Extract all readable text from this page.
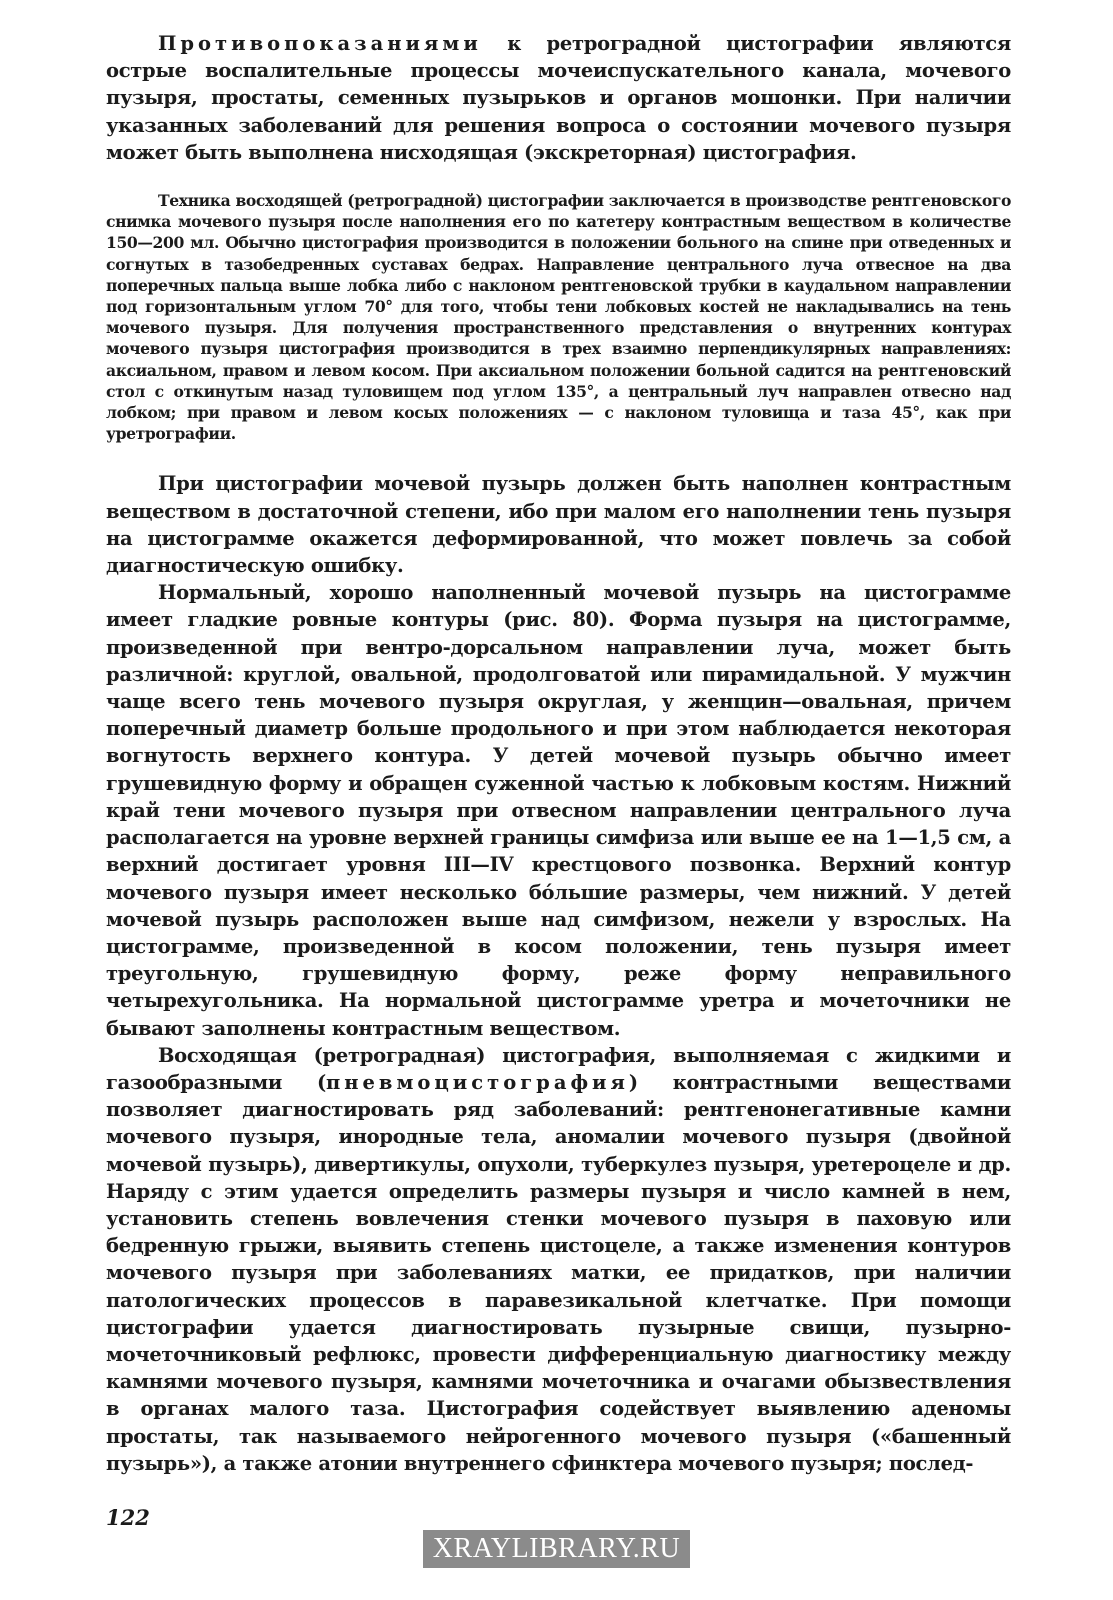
Противопоказаниями к ретроградной цистографии являются острые воспалительные процессы мочеиспускательного канала, мочевого пузыря, простаты, семенных пузырьков и органов мошонки. При наличии указанных заболеваний для решения вопроса о состоянии мочевого пузыря может быть выполнена нисходящая (экскреторная) цистография.

Техника восходящей (ретроградной) цистографии заключается в производстве рентгеновского снимка мочевого пузыря после наполнения его по катетеру контрастным веществом в количестве 150—200 мл. Обычно цистография производится в положении больного на спине при отведенных и согнутых в тазобедренных суставах бедрах. Направление центрального луча отвесное на два поперечных пальца выше лобка либо с наклоном рентгеновской трубки в каудальном направлении под горизонтальным углом 70° для того, чтобы тени лобковых костей не накладывались на тень мочевого пузыря. Для получения пространственного представления о внутренних контурах мочевого пузыря цистография производится в трех взаимно перпендикулярных направлениях: аксиальном, правом и левом косом. При аксиальном положении больной садится на рентгеновский стол с откинутым назад туловищем под углом 135°, а центральный луч направлен отвесно над лобком; при правом и левом косых положениях — с наклоном туловища и таза 45°, как при уретрографии.

При цистографии мочевой пузырь должен быть наполнен контрастным веществом в достаточной степени, ибо при малом его наполнении тень пузыря на цистограмме окажется деформированной, что может повлечь за собой диагностическую ошибку.

Нормальный, хорошо наполненный мочевой пузырь на цистограмме имеет гладкие ровные контуры (рис. 80). Форма пузыря на цистограмме, произведенной при вентро-дорсальном направлении луча, может быть различной: круглой, овальной, продолговатой или пирамидальной. У мужчин чаще всего тень мочевого пузыря округлая, у женщин—овальная, причем поперечный диаметр больше продольного и при этом наблюдается некоторая вогнутость верхнего контура. У детей мочевой пузырь обычно имеет грушевидную форму и обращен суженной частью к лобковым костям. Нижний край тени мочевого пузыря при отвесном направлении центрального луча располагается на уровне верхней границы симфиза или выше ее на 1—1,5 см, а верхний достигает уровня III—IV крестцового позвонка. Верхний контур мочевого пузыря имеет несколько бо́льшие размеры, чем нижний. У детей мочевой пузырь расположен выше над симфизом, нежели у взрослых. На цистограмме, произведенной в косом положении, тень пузыря имеет треугольную, грушевидную форму, реже форму неправильного четырехугольника. На нормальной цистограмме уретра и мочеточники не бывают заполнены контрастным веществом.

Восходящая (ретроградная) цистография, выполняемая с жидкими и газообразными (пневмоцистография) контрастными веществами позволяет диагностировать ряд заболеваний: рентгенонегативные камни мочевого пузыря, инородные тела, аномалии мочевого пузыря (двойной мочевой пузырь), дивертикулы, опухоли, туберкулез пузыря, уретероцеле и др. Наряду с этим удается определить размеры пузыря и число камней в нем, установить степень вовлечения стенки мочевого пузыря в паховую или бедренную грыжи, выявить степень цистоцеле, а также изменения контуров мочевого пузыря при заболеваниях матки, ее придатков, при наличии патологических процессов в паравезикальной клетчатке. При помощи цистографии удается диагностировать пузырные свищи, пузырно-мочеточниковый рефлюкс, провести дифференциальную диагностику между камнями мочевого пузыря, камнями мочеточника и очагами обызвествления в органах малого таза. Цистография содействует выявлению аденомы простаты, так называемого нейрогенного мочевого пузыря («башенный пузырь»), а также атонии внутреннего сфинктера мочевого пузыря; послед-

122
XRAYLIBRARY.RU
